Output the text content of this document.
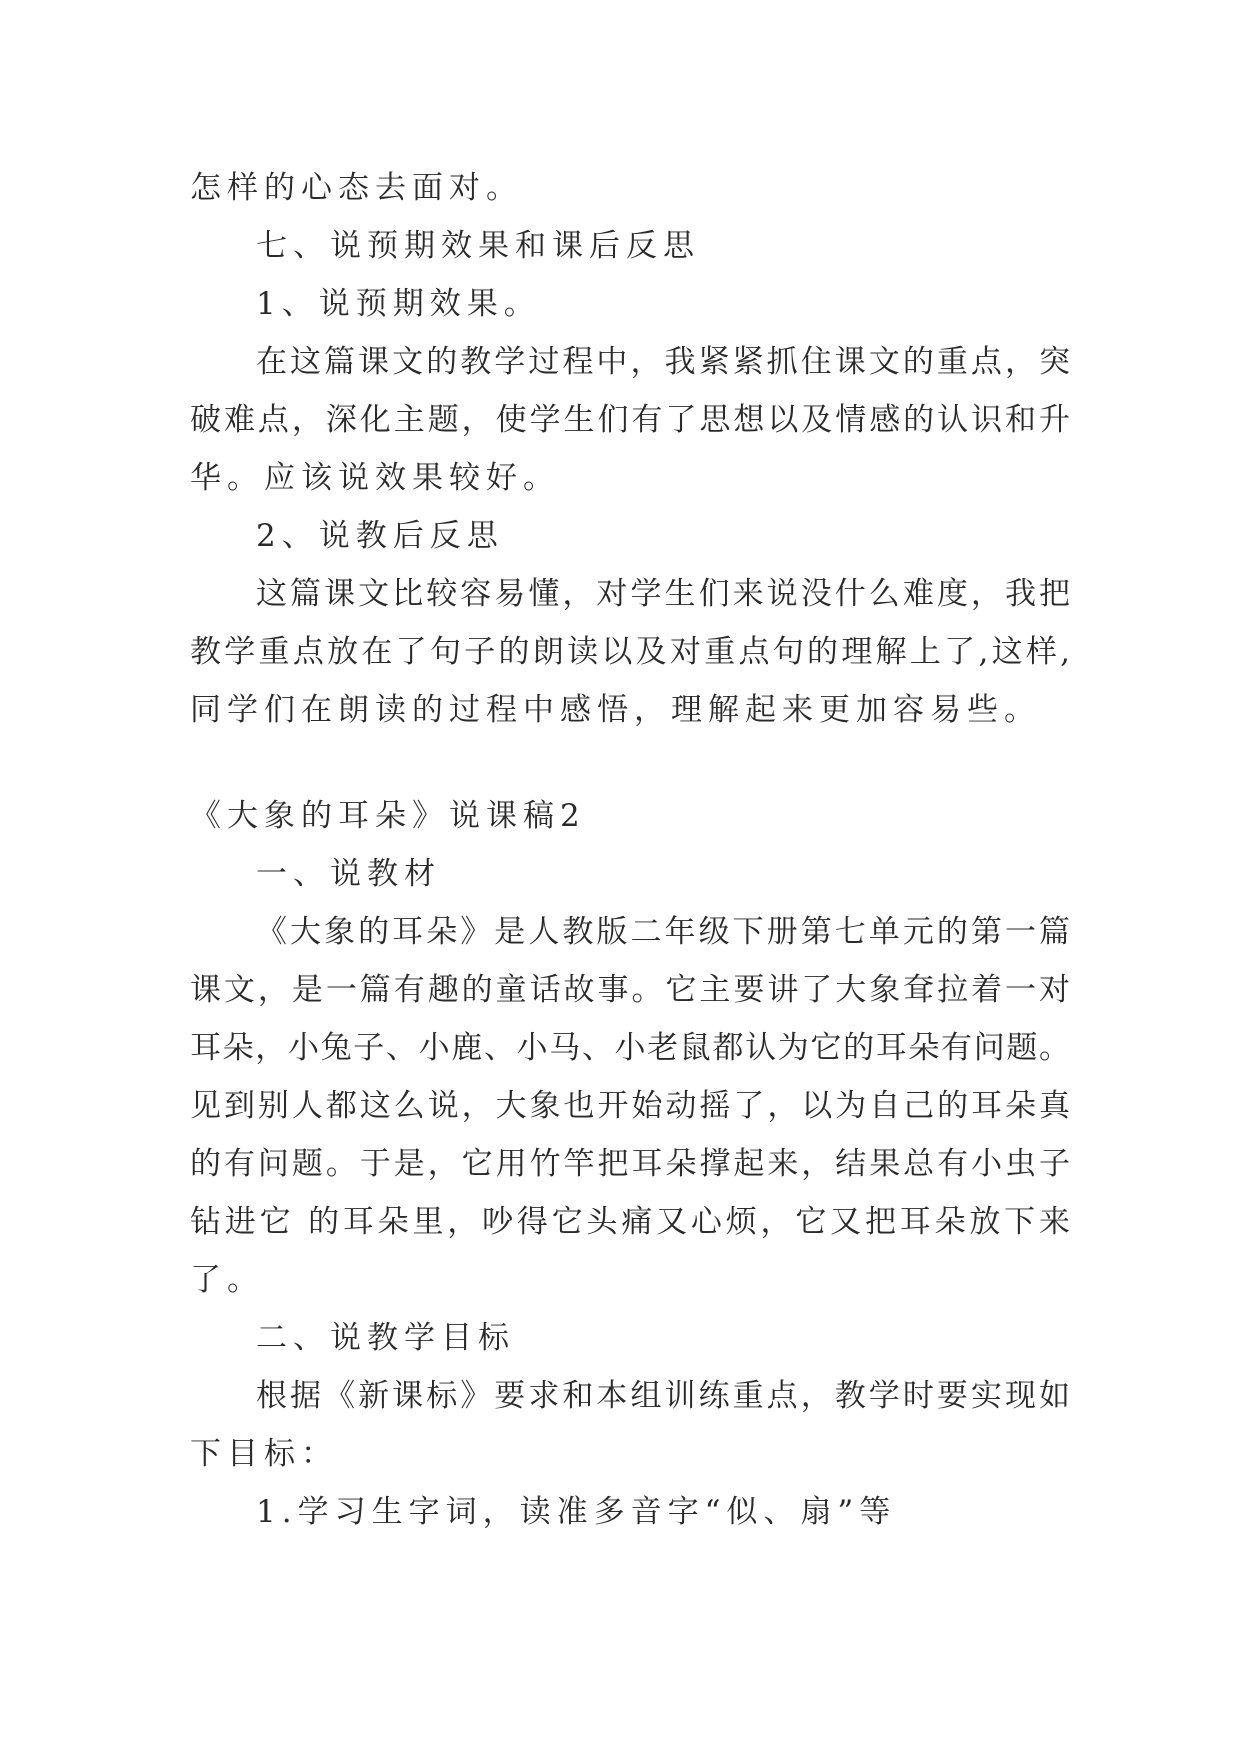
怎样的心态去面对。
七、说预期效果和课后反思
1、说预期效果。
在这篇课文的教学过程中，我紧紧抓住课文的重点，突
破难点，深化主题，使学生们有了思想以及情感的认识和升
华。应该说效果较好。
2、说教后反思
这篇课文比较容易懂，对学生们来说没什么难度，我把
教学重点放在了句子的朗读以及对重点句的理解上了,这样,
同学们在朗读的过程中感悟，理解起来更加容易些。
《大象的耳朵》说课稿2
一、说教材
《大象的耳朵》是人教版二年级下册第七单元的第一篇
课文，是一篇有趣的童话故事。它主要讲了大象耷拉着一对
耳朵，小兔子、小鹿、小马、小老鼠都认为它的耳朵有问题。
见到别人都这么说，大象也开始动摇了，以为自己的耳朵真
的有问题。于是，它用竹竿把耳朵撑起来，结果总有小虫子
钻进它 的耳朵里，吵得它头痛又心烦，它又把耳朵放下来
了。
二、说教学目标
根据《新课标》要求和本组训练重点，教学时要实现如
下目标：
1.学习生字词，读准多音字“似、扇”等
